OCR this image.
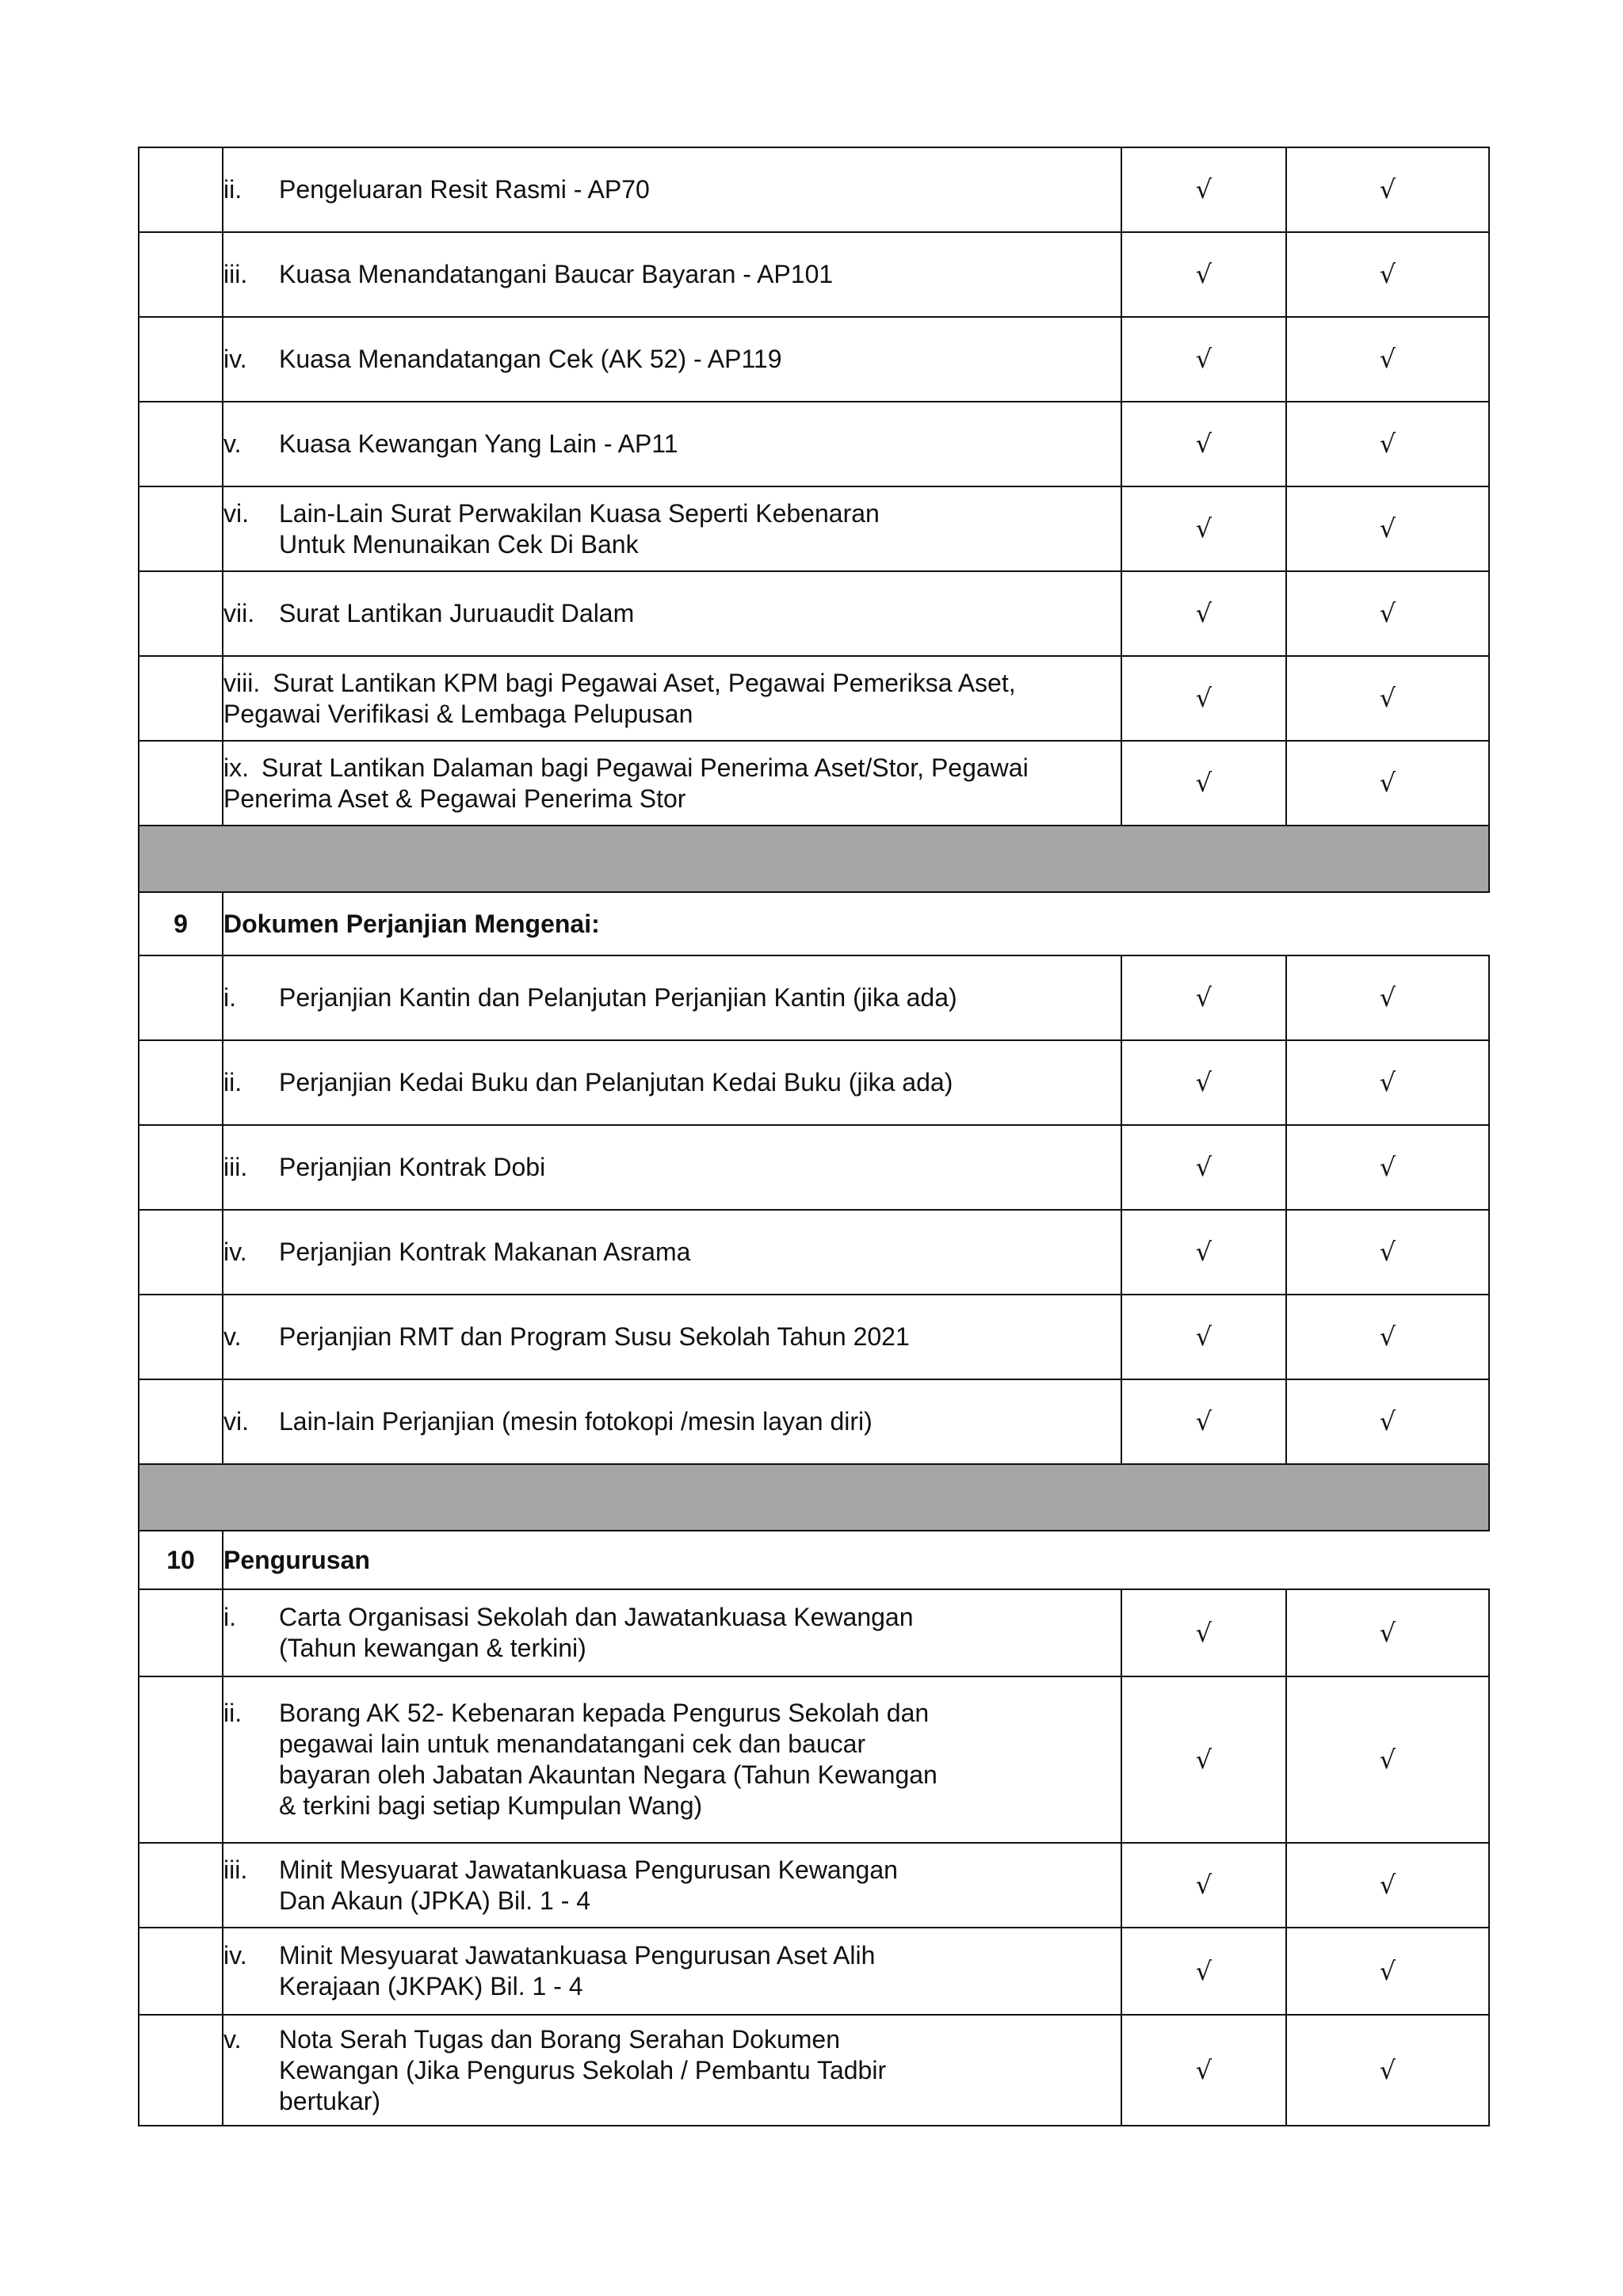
	ii. Pengeluaran Resit Rasmi - AP70	√	√

	iii. Kuasa Menandatangani Baucar Bayaran - AP101	√	√

	iv. Kuasa Menandatangan Cek (AK 52) - AP119	√	√

	v. Kuasa Kewangan Yang Lain - AP11	√	√

	vi. Lain-Lain Surat Perwakilan Kuasa Seperti Kebenaran
Untuk Menunaikan Cek Di Bank	√	√

	vii. Surat Lantikan Juruaudit Dalam	√	√

	viii. Surat Lantikan KPM bagi Pegawai Aset, Pegawai Pemeriksa Aset,
Pegawai Verifikasi & Lembaga Pelupusan	√	√

	ix. Surat Lantikan Dalaman bagi Pegawai Penerima Aset/Stor, Pegawai
Penerima Aset & Pegawai Penerima Stor	√	√

9	Dokumen Perjanjian Mengenai:		

	i. Perjanjian Kantin dan Pelanjutan Perjanjian Kantin (jika ada)	√	√

	ii. Perjanjian Kedai Buku dan Pelanjutan Kedai Buku (jika ada)	√	√

	iii. Perjanjian Kontrak Dobi	√	√

	iv. Perjanjian Kontrak Makanan Asrama	√	√

	v. Perjanjian RMT dan Program Susu Sekolah Tahun 2021	√	√

	vi. Lain-lain Perjanjian (mesin fotokopi /mesin layan diri)	√	√

10	Pengurusan		

	i. Carta Organisasi Sekolah dan Jawatankuasa Kewangan
(Tahun kewangan & terkini)	√	√

	ii. Borang AK 52- Kebenaran kepada Pengurus Sekolah dan
pegawai lain untuk menandatangani cek dan baucar
bayaran oleh Jabatan Akauntan Negara (Tahun Kewangan
& terkini bagi setiap Kumpulan Wang)	√	√

	iii. Minit Mesyuarat Jawatankuasa Pengurusan Kewangan
Dan Akaun (JPKA) Bil. 1 - 4	√	√

	iv. Minit Mesyuarat Jawatankuasa Pengurusan Aset Alih
Kerajaan (JKPAK) Bil. 1 - 4	√	√

	v. Nota Serah Tugas dan Borang Serahan Dokumen
Kewangan (Jika Pengurus Sekolah / Pembantu Tadbir
bertukar)	√	√
